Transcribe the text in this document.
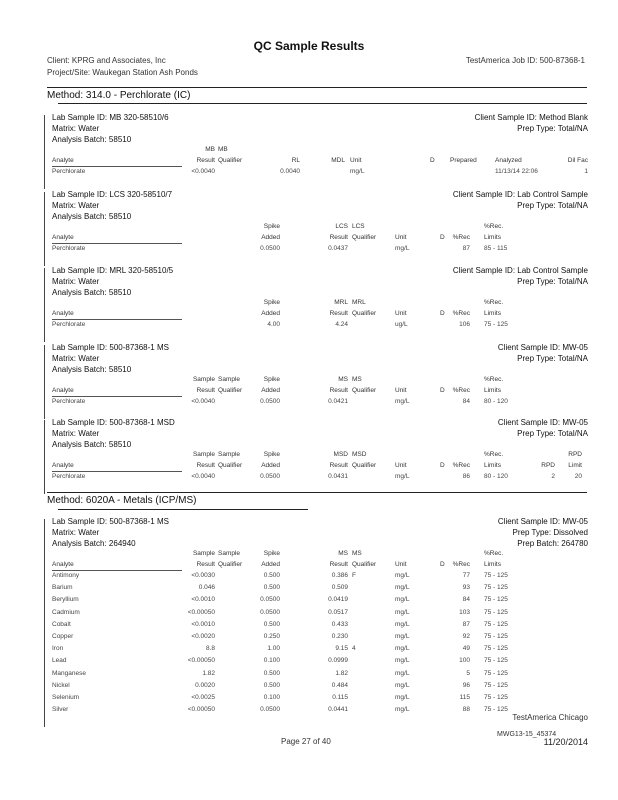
QC Sample Results
Client: KPRG and Associates, Inc
Project/Site: Waukegan Station Ash Ponds
TestAmerica Job ID: 500-87368-1
Method: 314.0 - Perchlorate (IC)
Method: 6020A - Metals (ICP/MS)
Lab Sample ID: MB 320-58510/6
Matrix: Water
Analysis Batch: 58510
Client Sample ID: Method Blank
Prep Type: Total/NA
MB MB
Analyte	Result Qualifier	RL	MDL Unit	D Prepared	Analyzed	Dil Fac
Perchlorate	<0.0040	0.0040	mg/L	11/13/14 22:06	1
Lab Sample ID: LCS 320-58510/7
Matrix: Water
Analysis Batch: 58510
Client Sample ID: Lab Control Sample
Prep Type: Total/NA
Spike	LCS LCS	%Rec.
Analyte	Added	Result Qualifier	Unit	D %Rec Limits
Perchlorate	0.0500	0.0437	mg/L	87 85 - 115
Lab Sample ID: MRL 320-58510/5
Matrix: Water
Analysis Batch: 58510
Client Sample ID: Lab Control Sample
Prep Type: Total/NA
Spike	MRL MRL	%Rec.
Analyte	Added	Result Qualifier	Unit	D %Rec Limits
Perchlorate	4.00	4.24	ug/L	106 75 - 125
Lab Sample ID: 500-87368-1 MS
Matrix: Water
Analysis Batch: 58510
Client Sample ID: MW-05
Prep Type: Total/NA
Sample Sample	Spike	MS MS	%Rec.
Analyte	Result Qualifier	Added	Result Qualifier	Unit	D %Rec Limits
Perchlorate	<0.0040	0.0500	0.0421	mg/L	84 80 - 120
Lab Sample ID: 500-87368-1 MSD
Matrix: Water
Analysis Batch: 58510
Client Sample ID: MW-05
Prep Type: Total/NA
Sample Sample	Spike	MSD MSD	%Rec.	RPD
Analyte	Result Qualifier	Added	Result Qualifier	Unit	D %Rec Limits	RPD Limit
Perchlorate	<0.0040	0.0500	0.0431	mg/L	86 80 - 120	2	20
Lab Sample ID: 500-87368-1 MS
Matrix: Water
Analysis Batch: 264940
Client Sample ID: MW-05
Prep Type: Dissolved
Prep Batch: 264780
Sample Sample	Spike	MS MS	%Rec.
Analyte	Result Qualifier	Added	Result Qualifier	Unit	D %Rec Limits
Antimony	<0.0030	0.500	0.386 F	mg/L	77 75 - 125
Barium	0.046	0.500	0.509	mg/L	93 75 - 125
Beryllium	<0.0010	0.0500	0.0419	mg/L	84 75 - 125
Cadmium	<0.00050	0.0500	0.0517	mg/L	103 75 - 125
Cobalt	<0.0010	0.500	0.433	mg/L	87 75 - 125
Copper	<0.0020	0.250	0.230	mg/L	92 75 - 125
Iron	8.8	1.00	9.15 4	mg/L	49 75 - 125
Lead	<0.00050	0.100	0.0999	mg/L	100 75 - 125
Manganese	1.82	0.500	1.82	mg/L	5 75 - 125
Nickel	0.0020	0.500	0.484	mg/L	96 75 - 125
Selenium	<0.0025	0.100	0.115	mg/L	115 75 - 125
Silver	<0.00050	0.0500	0.0441	mg/L	88 75 - 125
TestAmerica Chicago
Page 27 of 40
MWG13-15_45374
11/20/2014
